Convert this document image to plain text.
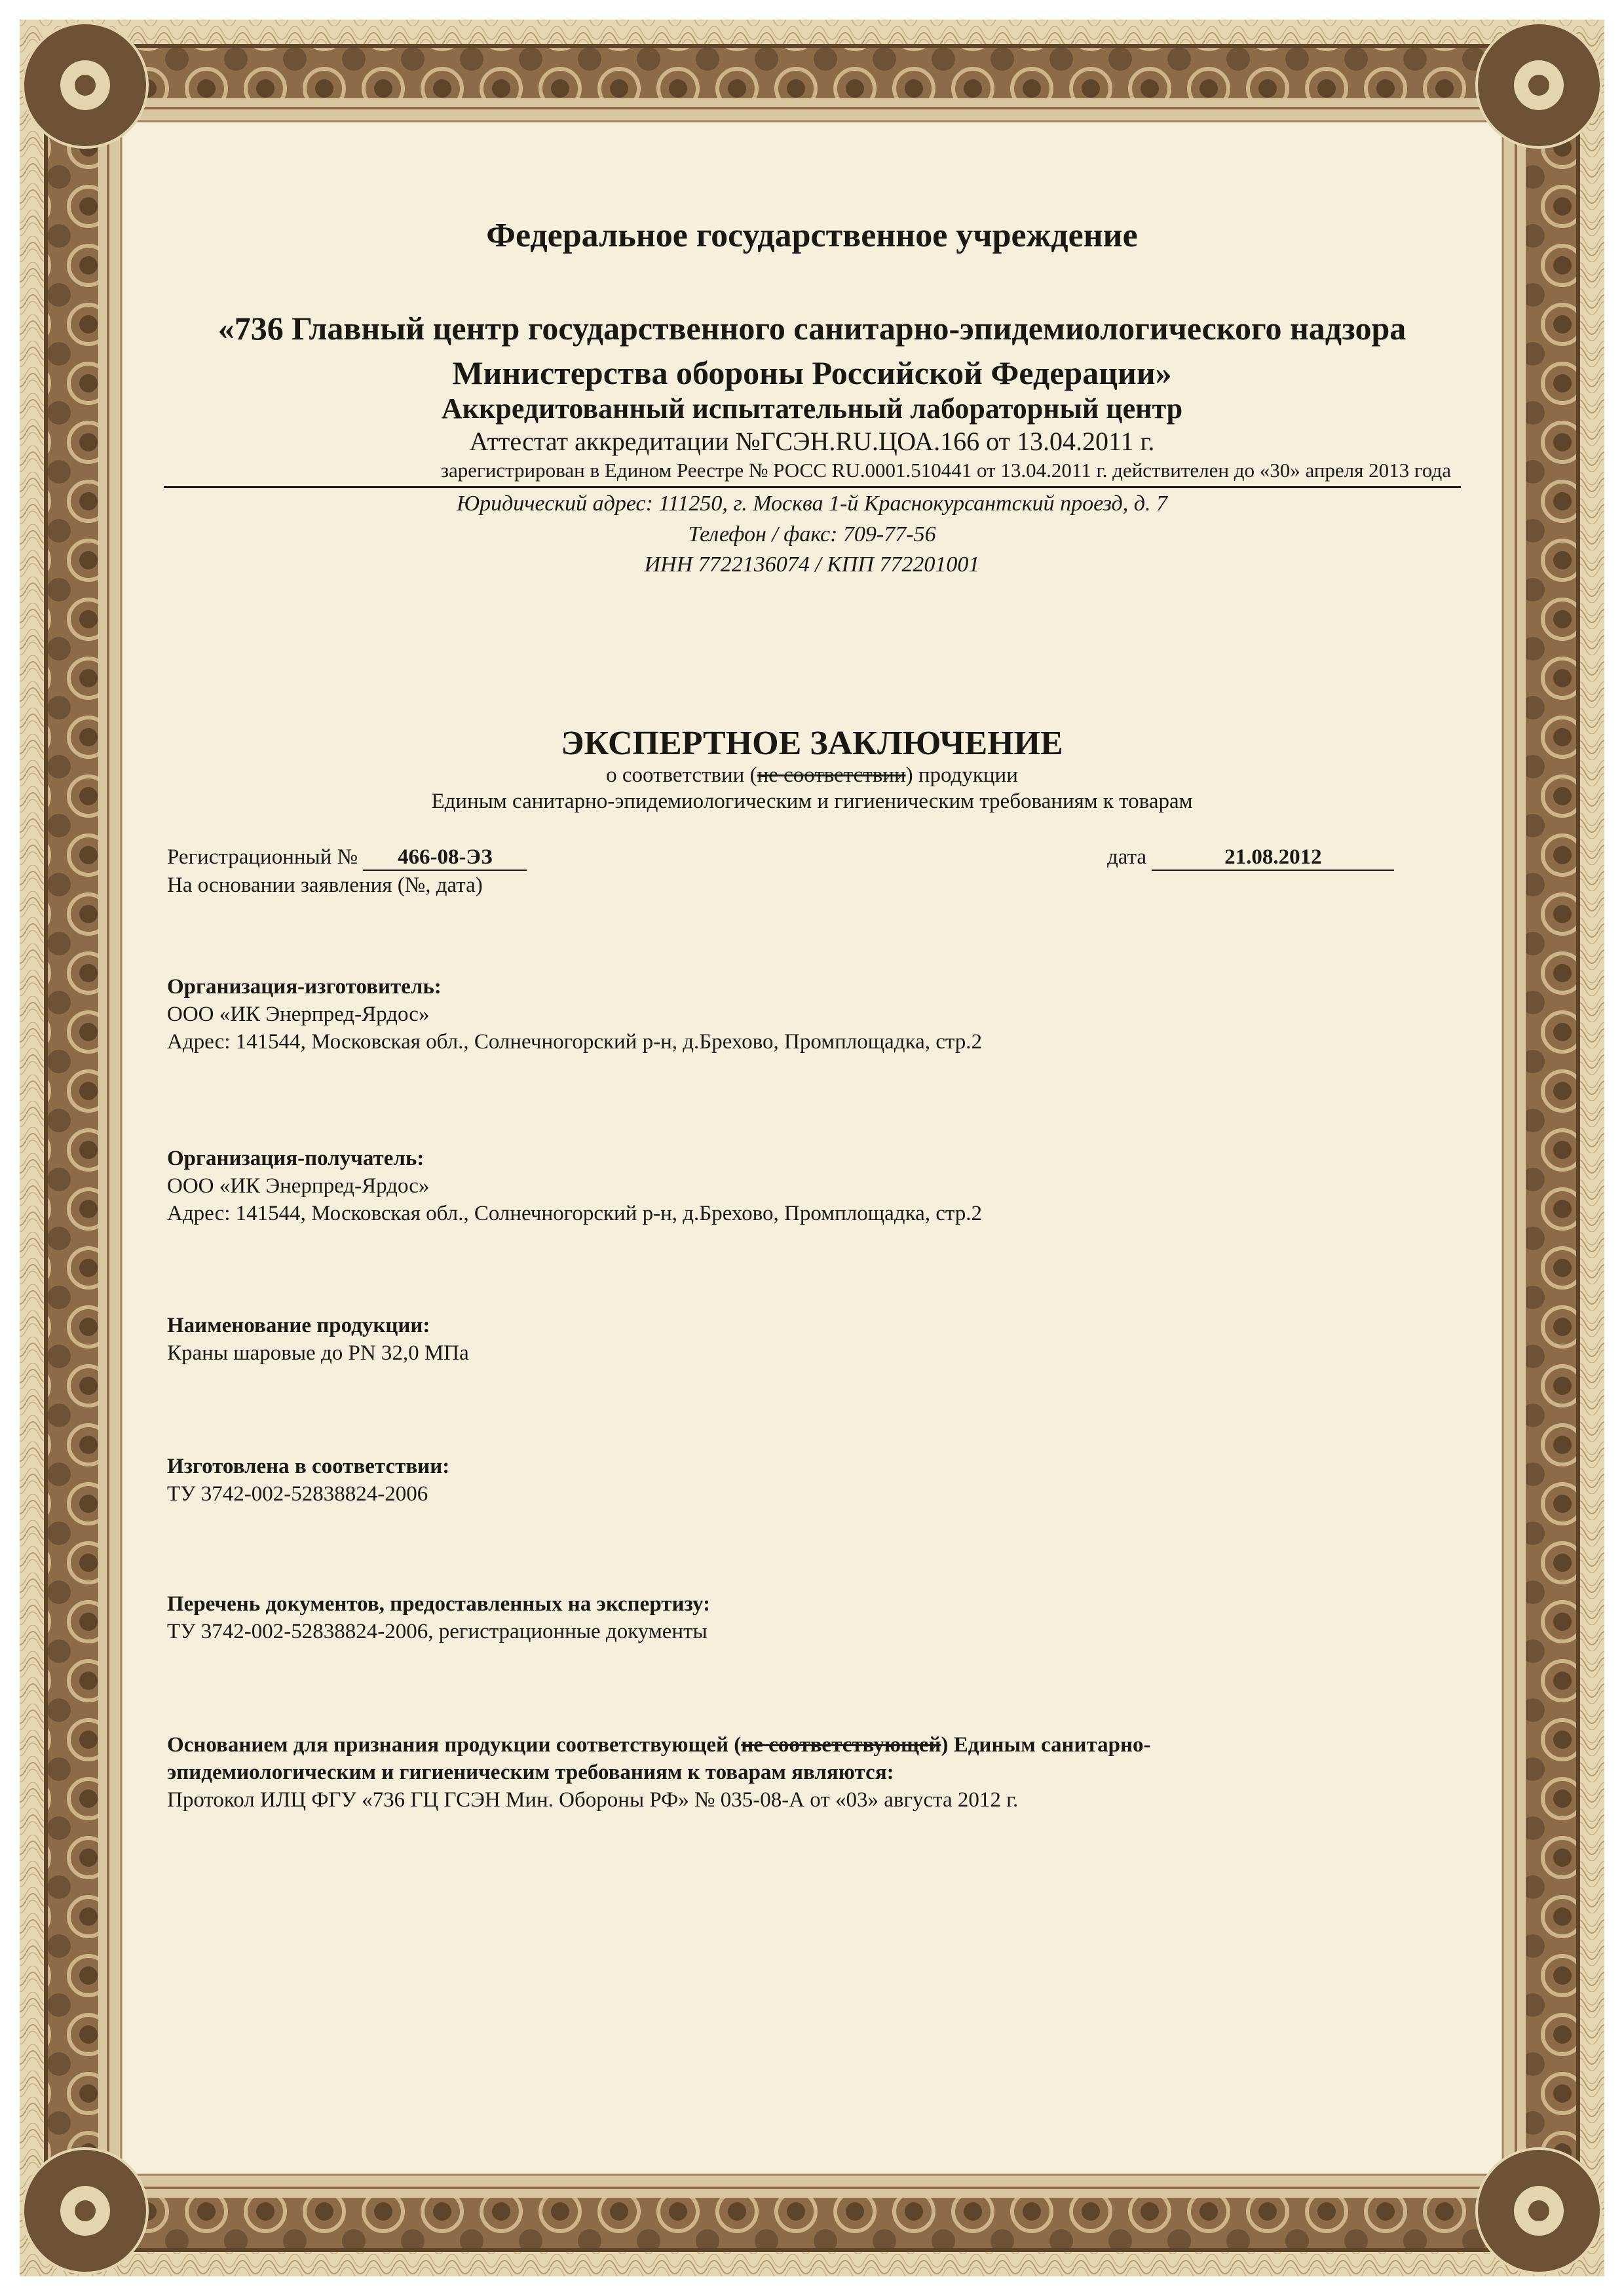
Федеральное государственное учреждение
«736 Главный центр государственного санитарно-эпидемиологического надзора
Министерства обороны Российской Федерации»
Аккредитованный испытательный лабораторный центр
Аттестат аккредитации №ГСЭН.RU.ЦОА.166 от 13.04.2011 г.
зарегистрирован в Едином Реестре № РОСС RU.0001.510441 от 13.04.2011 г. действителен до «30» апреля 2013 года
Юридический адрес: 111250, г. Москва 1-й Краснокурсантский проезд, д. 7
Телефон / факс: 709-77-56
ИНН 7722136074 / КПП 772201001
ЭКСПЕРТНОЕ ЗАКЛЮЧЕНИЕ
о соответствии (не соответствии) продукции
Единым санитарно-эпидемиологическим и гигиеническим требованиям к товарам
Регистрационный № 466-08-ЭЗ	дата	21.08.2012
На основании заявления (№, дата)
Организация-изготовитель:
ООО «ИК Энерпред-Ярдос»
Адрес: 141544, Московская обл., Солнечногорский р-н, д.Брехово, Промплощадка, стр.2
Организация-получатель:
ООО «ИК Энерпред-Ярдос»
Адрес: 141544, Московская обл., Солнечногорский р-н, д.Брехово, Промплощадка, стр.2
Наименование продукции:
Краны шаровые до PN 32,0 МПа
Изготовлена в соответствии:
ТУ 3742-002-52838824-2006
Перечень документов, предоставленных на экспертизу:
ТУ 3742-002-52838824-2006, регистрационные документы
Основанием для признания продукции соответствующей (не соответствующей) Единым санитарно-
эпидемиологическим и гигиеническим требованиям к товарам являются:
Протокол ИЛЦ ФГУ «736 ГЦ ГСЭН Мин. Обороны РФ» № 035-08-А от «03» августа 2012 г.
